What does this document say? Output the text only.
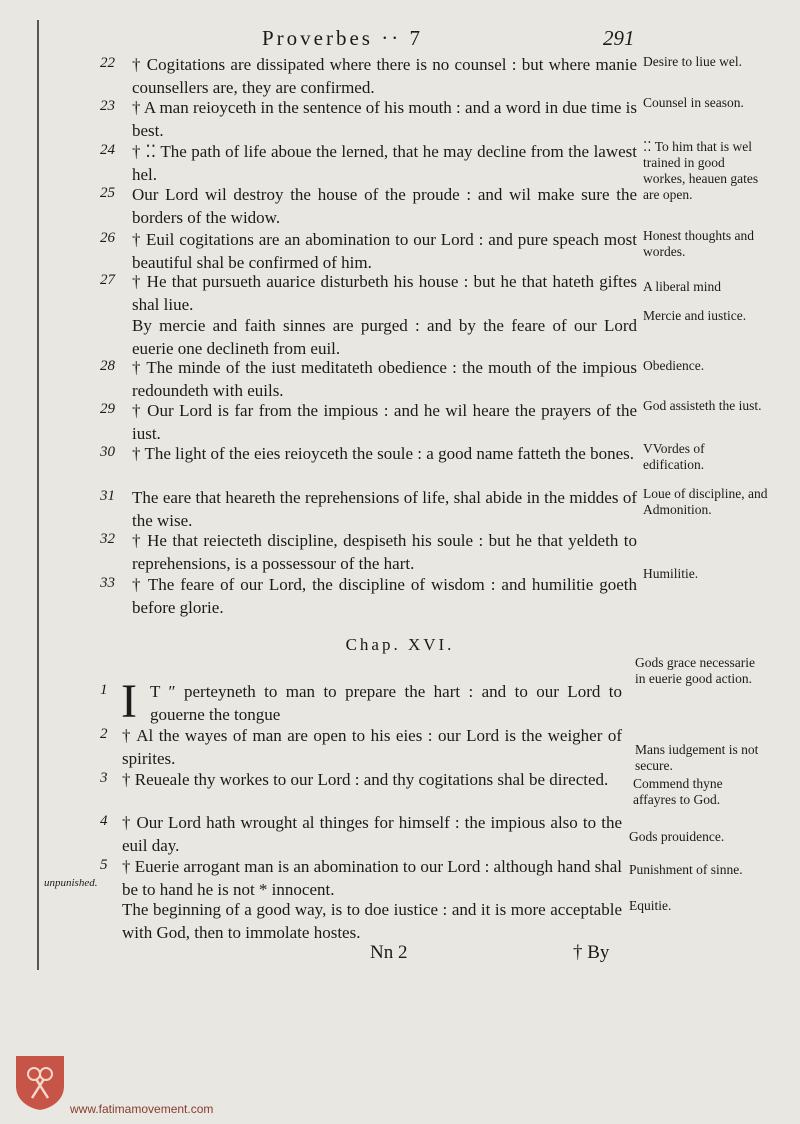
Proverbes ·· 7	291
22 † Cogitations are dissipated where there is no counsel : but where manie counsellers are, they are confirmed.
23 † A man reioyceth in the sentence of his mouth : and a word in due time is best.
24 † ⁚⁚ The path of life aboue the lerned, that he may decline from the lawest hel.
25 Our Lord wil destroy the house of the proude : and wil make sure the borders of the widow.
26 † Euil cogitations are an abomination to our Lord : and pure speach most beautiful shal be confirmed of him.
27 † He that pursueth auarice disturbeth his house : but he that hateth giftes shal liue.
By mercie and faith sinnes are purged : and by the feare of our Lord euerie one declineth from euil.
28 † The minde of the iust meditateth obedience : the mouth of the impious redoundeth with euils.
29 † Our Lord is far from the impious : and he wil heare the prayers of the iust.
30 † The light of the eies reioyceth the soule : a good name fatteth the bones.
31 The eare that heareth the reprehensions of life, shal abide in the middes of the wise.
32 † He that reiecteth discipline, despiseth his soule : but he that yeldeth to reprehensions, is a possessour of the hart.
33 † The feare of our Lord, the discipline of wisdom : and humilitie goeth before glorie.
Desire to liue wel.
Counsel in season.
⁚⁚ To him that is wel trained in good workes, heauen gates are open.
Honest thoughts and wordes.
A liberal mind
Mercie and iustice.
Obedience.
God assisteth the iust.
VVordes of edification.
Loue of discipline, and Admonition.
Humilitie.
Chap. XVI.
I
1	T ″ perteyneth to man to prepare the hart : and to our Lord to gouerne the tongue
2 † Al the wayes of man are open to his eies : our Lord is the weigher of spirites.
3 † Reueale thy workes to our Lord : and thy cogitations shal be directed.
4 † Our Lord hath wrought al thinges for himself : the impious also to the euil day.
5 † Euerie arrogant man is an abomination to our Lord : although hand shal be to hand he is not * innocent.
The beginning of a good way, is to doe iustice : and it is more acceptable with God, then to immolate hostes.
Gods grace necessarie in euerie good action.
Mans iudgement is not secure.
Commend thyne affayres to God.
Gods prouidence.
Punishment of sinne.
Equitie.
unpunished.
Nn 2	† By
www.fatimamovement.com
